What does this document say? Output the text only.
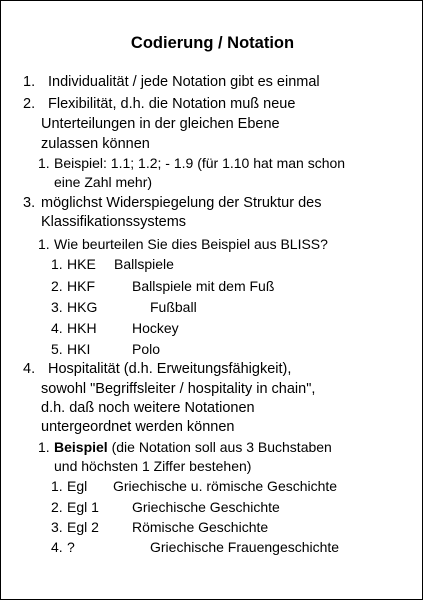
Codierung / Notation
1. Individualität / jede Notation gibt es einmal
2. Flexibilität, d.h. die Notation muß neue
Unterteilungen in der gleichen Ebene
zulassen können
1. Beispiel: 1.1; 1.2; - 1.9 (für 1.10 hat man schon
eine Zahl mehr)
3. möglichst Widerspiegelung der Struktur des
Klassifikationssystems
1. Wie beurteilen Sie dies Beispiel aus BLISS?
1. HKE Ballspiele
2. HKF	Ballspiele mit dem Fuß
3. HKG	Fußball
4. HKH	Hockey
5. HKI	Polo
4. Hospitalität (d.h. Erweitungsfähigkeit),
sowohl "Begriffsleiter / hospitality in chain",
d.h. daß noch weitere Notationen
untergeordnet werden können
1. Beispiel (die Notation soll aus 3 Buchstaben
und höchsten 1 Ziffer bestehen)
1. Egl Griechische u. römische Geschichte
2. Egl 1 Griechische Geschichte
3. Egl 2 Römische Geschichte
4. ?	Griechische Frauengeschichte
